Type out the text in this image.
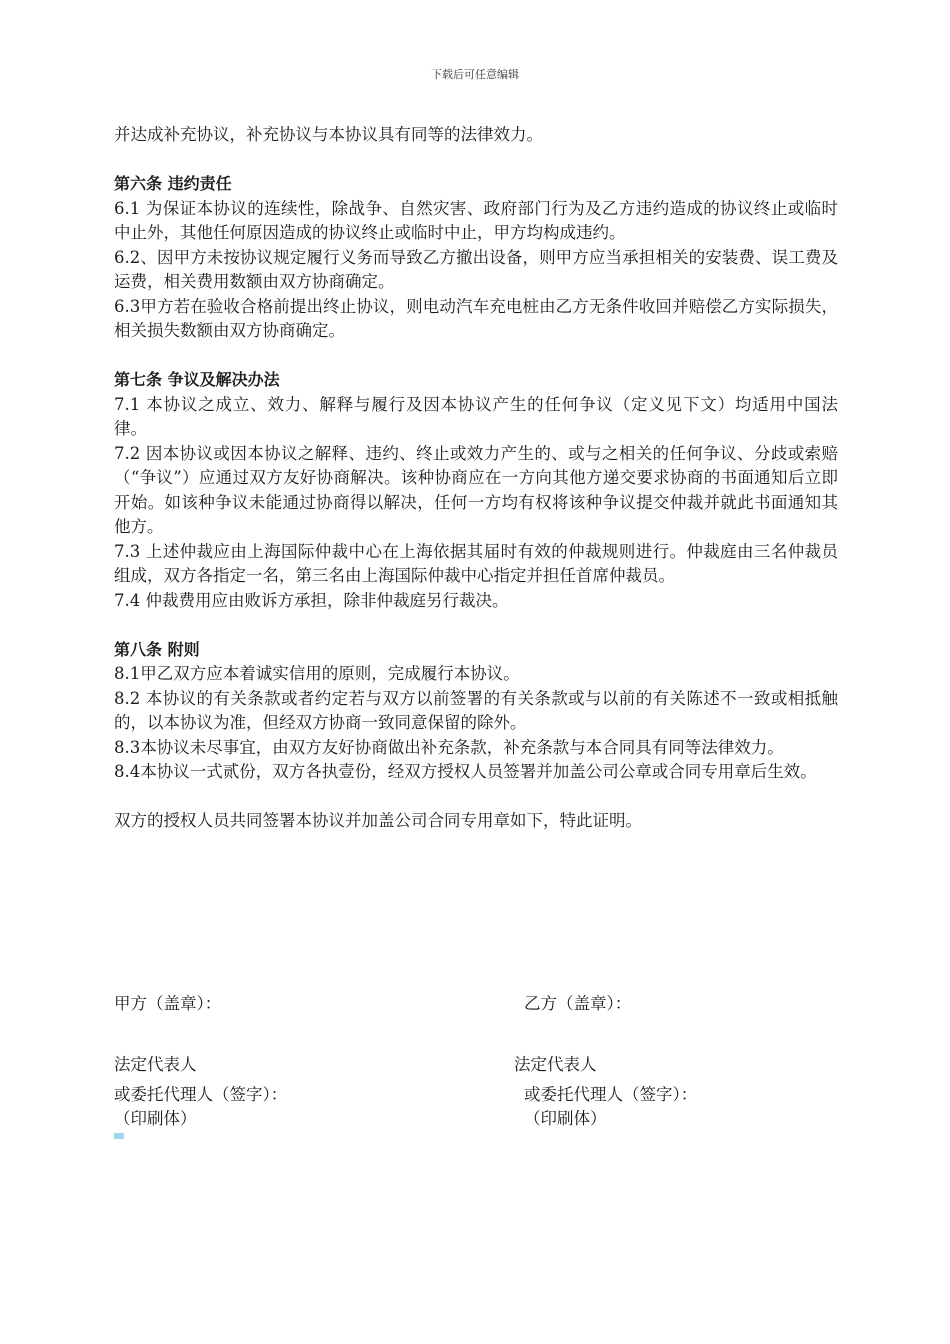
下载后可任意编辑

并达成补充协议，补充协议与本协议具有同等的法律效力。

第六条 违约责任

6.1 为保证本协议的连续性，除战争、自然灾害、政府部门行为及乙方违约造成的协议终止或临时中止外，其他任何原因造成的协议终止或临时中止，甲方均构成违约。

6.2、因甲方未按协议规定履行义务而导致乙方撤出设备，则甲方应当承担相关的安装费、误工费及运费，相关费用数额由双方协商确定。

6.3甲方若在验收合格前提出终止协议，则电动汽车充电桩由乙方无条件收回并赔偿乙方实际损失，相关损失数额由双方协商确定。

第七条 争议及解决办法

7.1 本协议之成立、效力、解释与履行及因本协议产生的任何争议（定义见下文）均适用中国法律。

7.2 因本协议或因本协议之解释、违约、终止或效力产生的、或与之相关的任何争议、分歧或索赔（“争议”）应通过双方友好协商解决。该种协商应在一方向其他方递交要求协商的书面通知后立即开始。如该种争议未能通过协商得以解决，任何一方均有权将该种争议提交仲裁并就此书面通知其他方。

7.3 上述仲裁应由上海国际仲裁中心在上海依据其届时有效的仲裁规则进行。仲裁庭由三名仲裁员组成，双方各指定一名，第三名由上海国际仲裁中心指定并担任首席仲裁员。

7.4 仲裁费用应由败诉方承担，除非仲裁庭另行裁决。

第八条 附则

8.1甲乙双方应本着诚实信用的原则，完成履行本协议。

8.2 本协议的有关条款或者约定若与双方以前签署的有关条款或与以前的有关陈述不一致或相抵触的，以本协议为准，但经双方协商一致同意保留的除外。

8.3本协议未尽事宜，由双方友好协商做出补充条款，补充条款与本合同具有同等法律效力。

8.4本协议一式贰份，双方各执壹份，经双方授权人员签署并加盖公司公章或合同专用章后生效。

双方的授权人员共同签署本协议并加盖公司合同专用章如下，特此证明。

甲方（盖章）：	乙方（盖章）：
法定代表人	法定代表人
或委托代理人（签字）：	或委托代理人（签字）：
（印刷体）	（印刷体）
